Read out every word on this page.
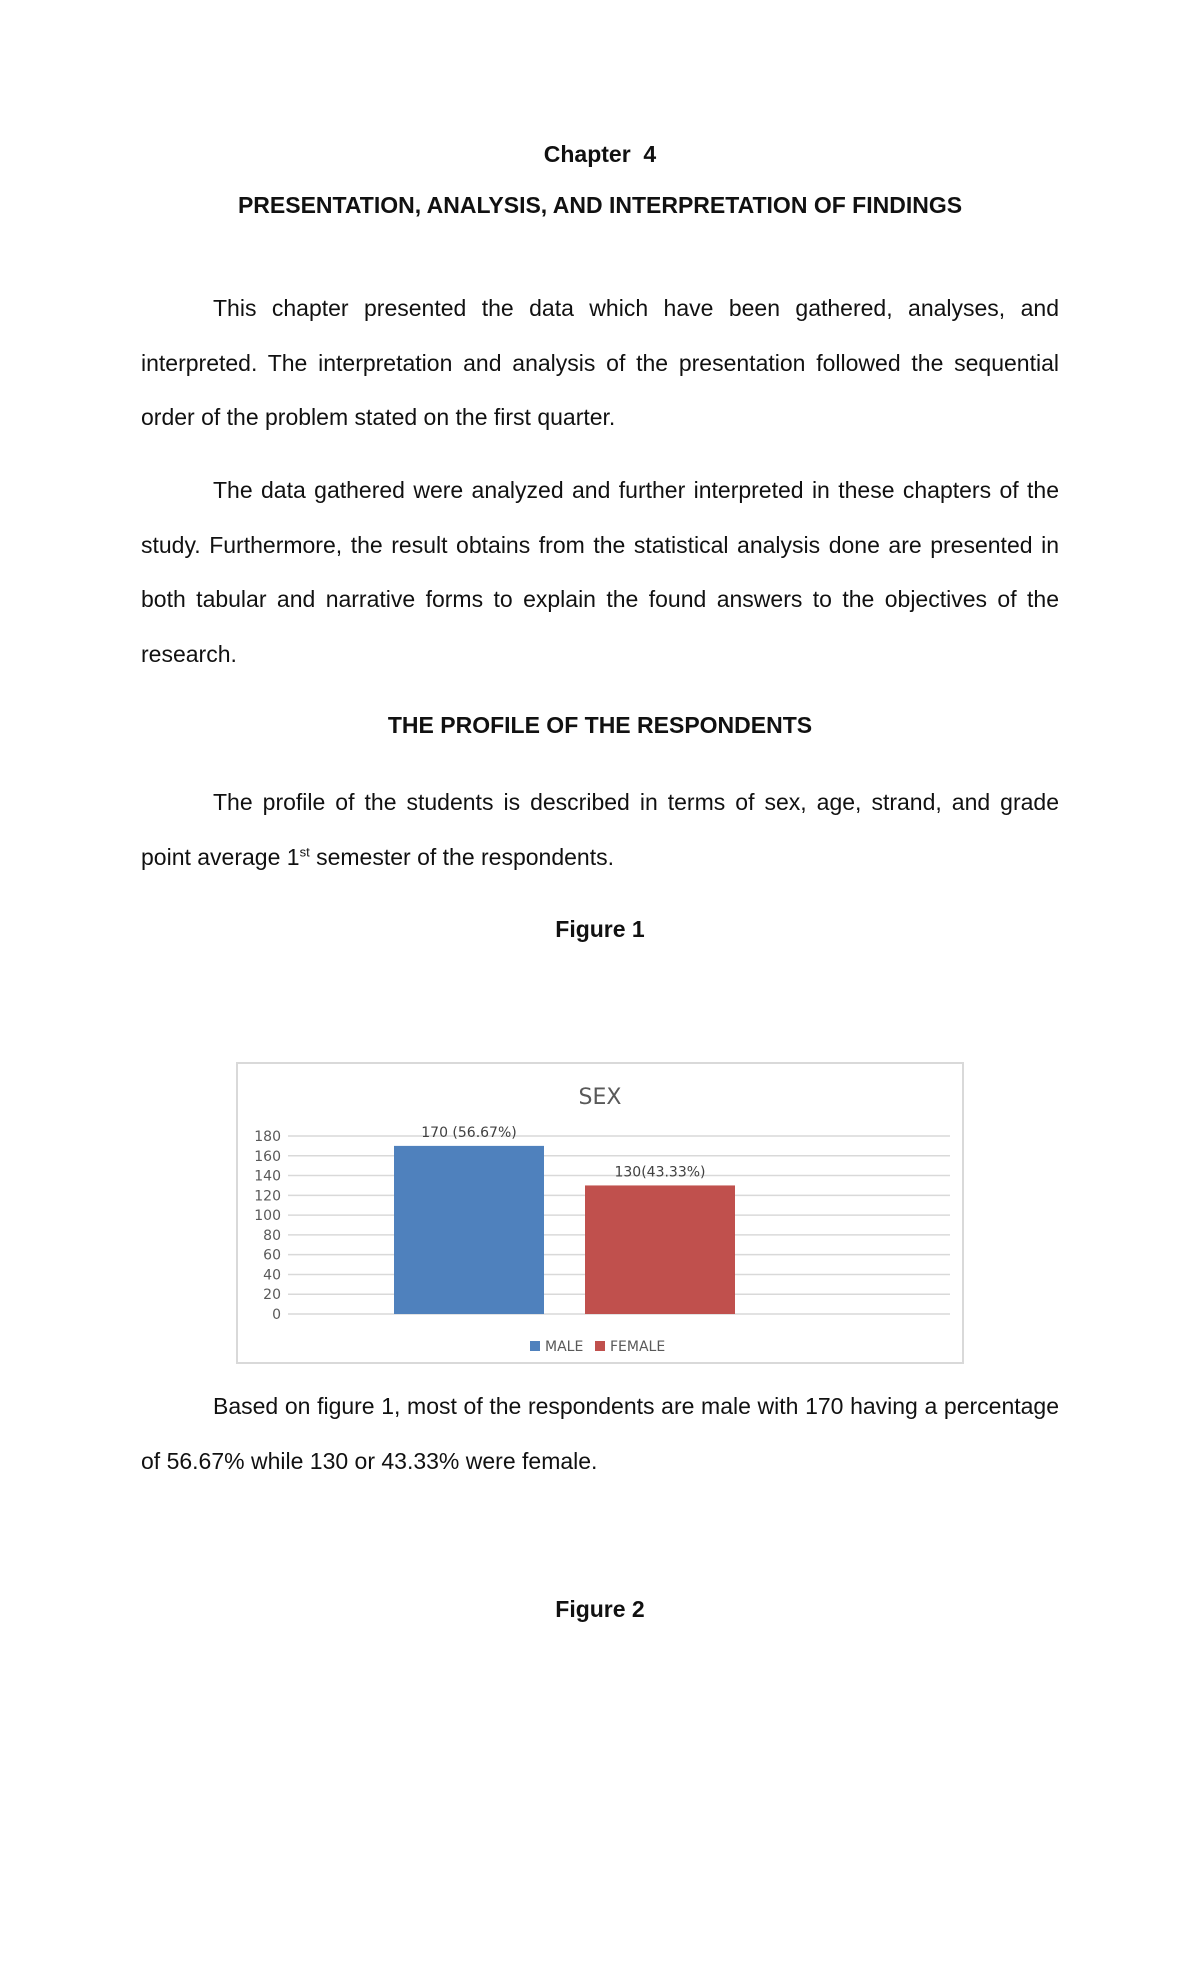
Chapter  4
PRESENTATION, ANALYSIS, AND INTERPRETATION OF FINDINGS

This chapter presented the data which have been gathered, analyses, and interpreted. The interpretation and analysis of the presentation followed the sequential order of the problem stated on the first quarter.

The data gathered were analyzed and further interpreted in these chapters of the study. Furthermore, the result obtains from the statistical analysis done are presented in both tabular and narrative forms to explain the found answers to the objectives of the research.

THE PROFILE OF THE RESPONDENTS

The profile of the students is described in terms of sex, age, strand, and grade point average 1st semester of the respondents.

Figure 1
SEX
0
20
40
60
80
100
120
140
160
180	170 (56.67%)
130(43.33%)
MALE FEMALE

Based on figure 1, most of the respondents are male with 170 having a percentage of 56.67% while 130 or 43.33% were female.

Figure 2
